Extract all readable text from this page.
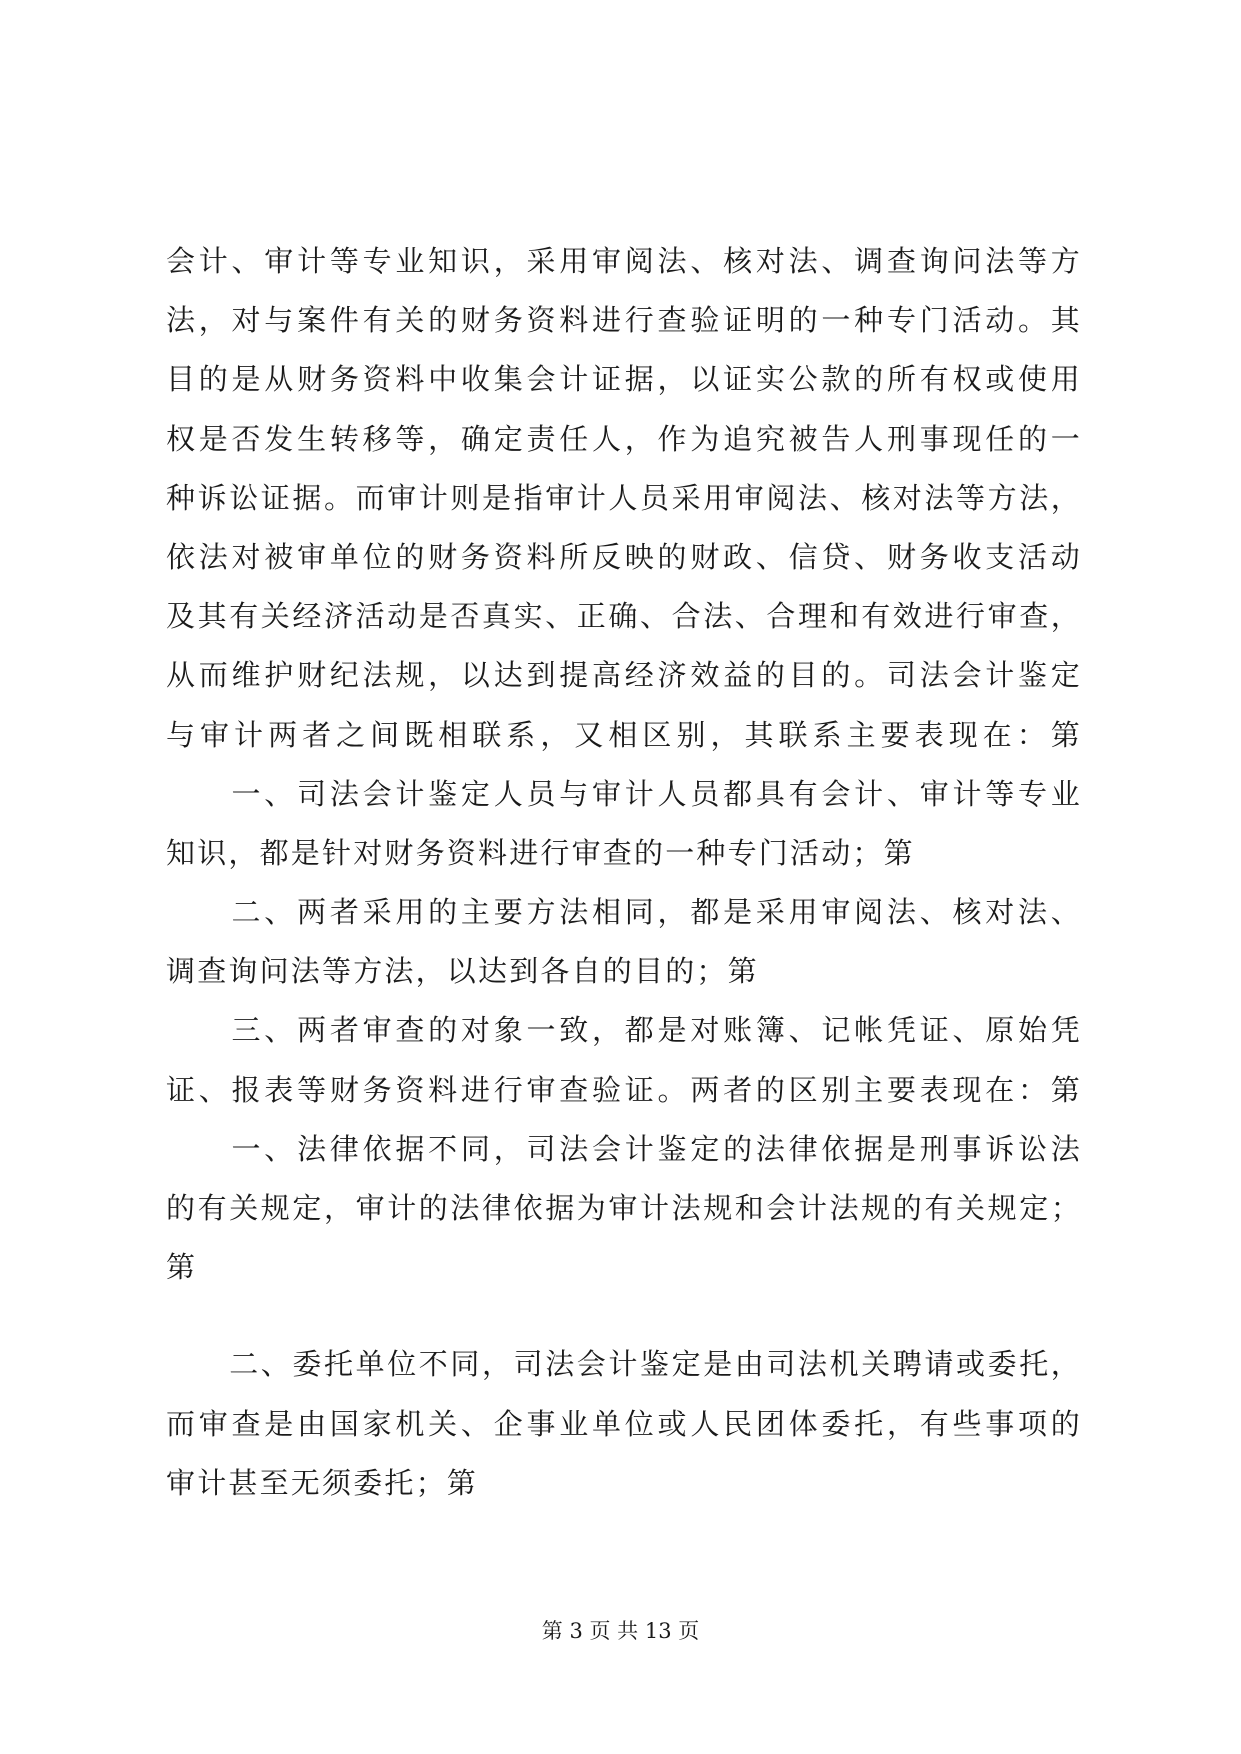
会计、审计等专业知识，采用审阅法、核对法、调查询问法等方
法，对与案件有关的财务资料进行查验证明的一种专门活动。其
目的是从财务资料中收集会计证据，以证实公款的所有权或使用
权是否发生转移等，确定责任人，作为追究被告人刑事现任的一
种诉讼证据。而审计则是指审计人员采用审阅法、核对法等方法，
依法对被审单位的财务资料所反映的财政、信贷、财务收支活动
及其有关经济活动是否真实、正确、合法、合理和有效进行审查，
从而维护财纪法规，以达到提高经济效益的目的。司法会计鉴定
与审计两者之间既相联系，又相区别，其联系主要表现在：第
　　一、司法会计鉴定人员与审计人员都具有会计、审计等专业
知识，都是针对财务资料进行审查的一种专门活动；第
　　二、两者采用的主要方法相同，都是采用审阅法、核对法、
调查询问法等方法，以达到各自的目的；第
　　三、两者审查的对象一致，都是对账簿、记帐凭证、原始凭
证、报表等财务资料进行审查验证。两者的区别主要表现在：第
　　一、法律依据不同，司法会计鉴定的法律依据是刑事诉讼法
的有关规定，审计的法律依据为审计法规和会计法规的有关规定；
第
　　二、委托单位不同，司法会计鉴定是由司法机关聘请或委托，
而审查是由国家机关、企事业单位或人民团体委托，有些事项的
审计甚至无须委托；第
第 3 页 共 13 页
